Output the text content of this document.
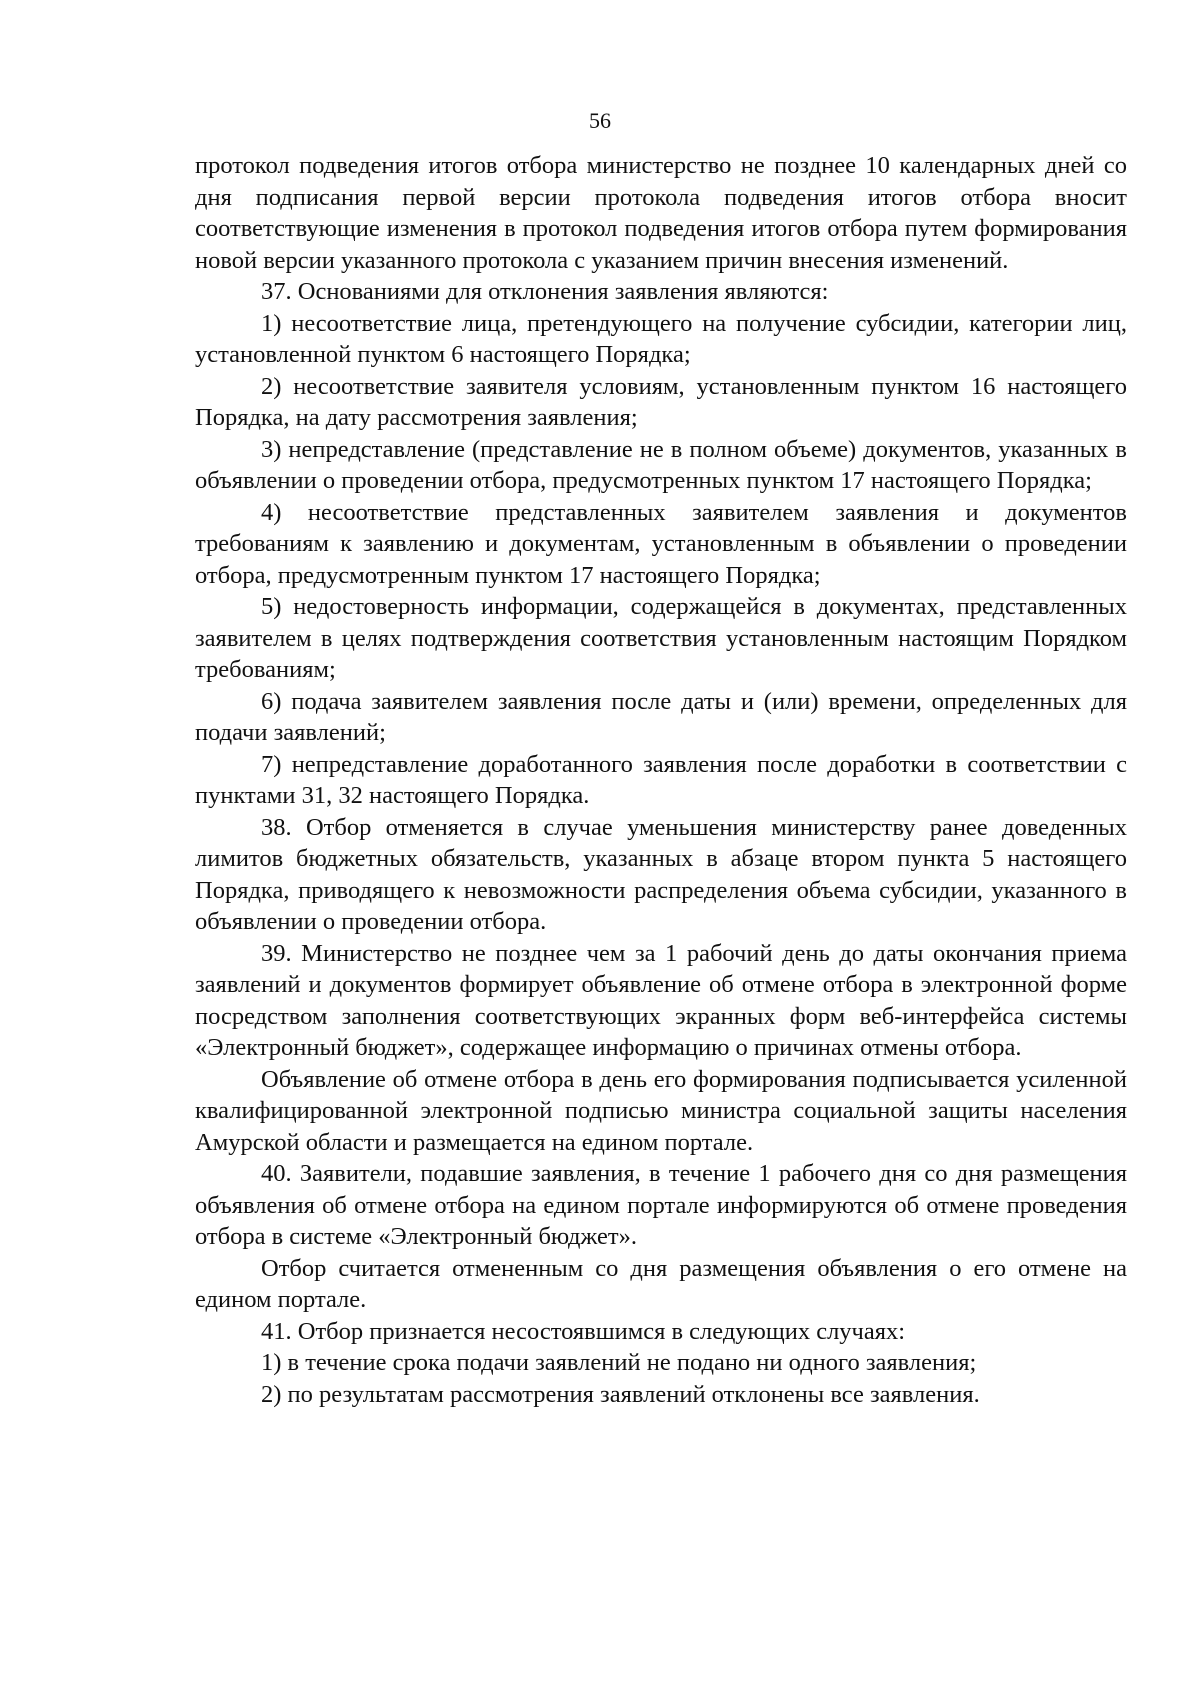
56

протокол подведения итогов отбора министерство не позднее 10 календарных дней со дня подписания первой версии протокола подведения итогов отбора вносит соответствующие изменения в протокол подведения итогов отбора путем формирования новой версии указанного протокола с указанием причин внесения изменений.

37. Основаниями для отклонения заявления являются:

1) несоответствие лица, претендующего на получение субсидии, категории лиц, установленной пунктом 6 настоящего Порядка;

2) несоответствие заявителя условиям, установленным пунктом 16 настоящего Порядка, на дату рассмотрения заявления;

3) непредставление (представление не в полном объеме) документов, указанных в объявлении о проведении отбора, предусмотренных пунктом 17 настоящего Порядка;

4) несоответствие представленных заявителем заявления и документов требованиям к заявлению и документам, установленным в объявлении о проведении отбора, предусмотренным пунктом 17 настоящего Порядка;

5) недостоверность информации, содержащейся в документах, представленных заявителем в целях подтверждения соответствия установленным настоящим Порядком требованиям;

6) подача заявителем заявления после даты и (или) времени, определенных для подачи заявлений;

7) непредставление доработанного заявления после доработки в соответствии с пунктами 31, 32 настоящего Порядка.

38. Отбор отменяется в случае уменьшения министерству ранее доведенных лимитов бюджетных обязательств, указанных в абзаце втором пункта 5 настоящего Порядка, приводящего к невозможности распределения объема субсидии, указанного в объявлении о проведении отбора.

39. Министерство не позднее чем за 1 рабочий день до даты окончания приема заявлений и документов формирует объявление об отмене отбора в электронной форме посредством заполнения соответствующих экранных форм веб-интерфейса системы «Электронный бюджет», содержащее информацию о причинах отмены отбора.

Объявление об отмене отбора в день его формирования подписывается усиленной квалифицированной электронной подписью министра социальной защиты населения Амурской области и размещается на едином портале.

40. Заявители, подавшие заявления, в течение 1 рабочего дня со дня размещения объявления об отмене отбора на едином портале информируются об отмене проведения отбора в системе «Электронный бюджет».

Отбор считается отмененным со дня размещения объявления о его отмене на едином портале.

41. Отбор признается несостоявшимся в следующих случаях:

1) в течение срока подачи заявлений не подано ни одного заявления;

2) по результатам рассмотрения заявлений отклонены все заявления.
